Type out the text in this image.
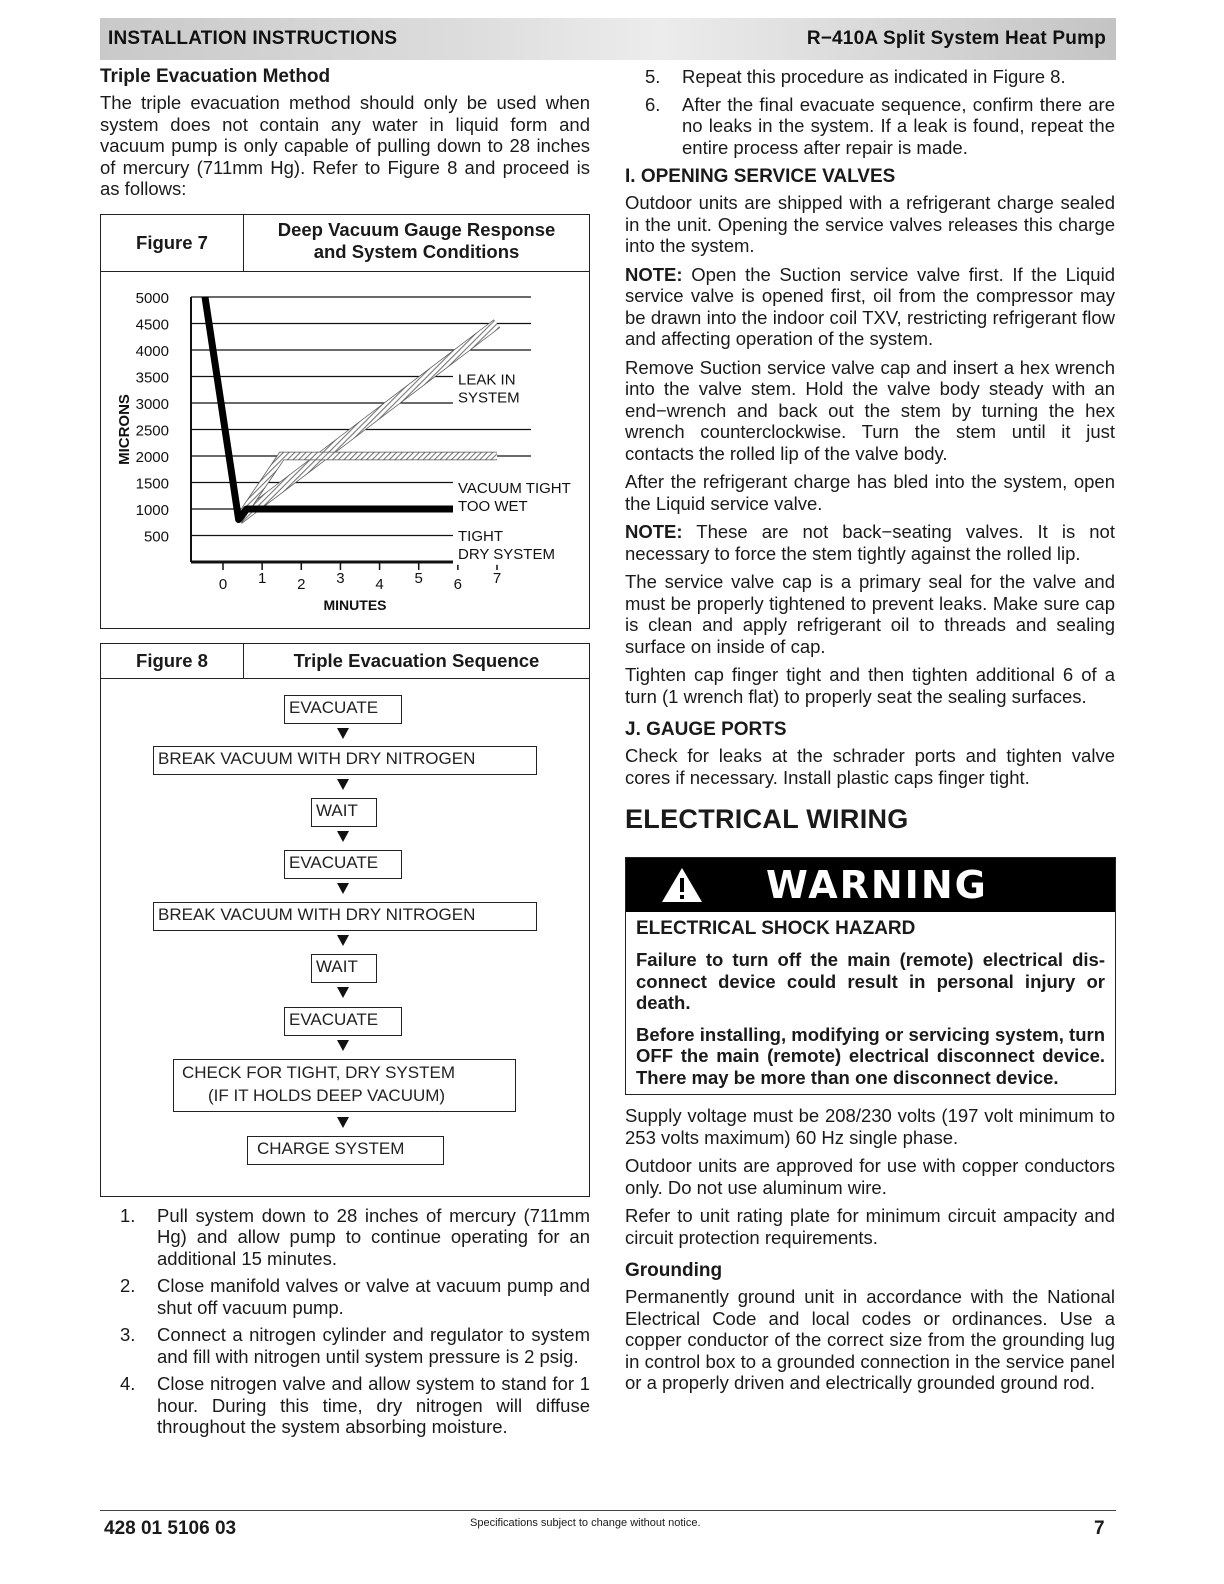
INSTALLATION INSTRUCTIONS	R−410A Split System Heat Pump
Triple Evacuation Method
The triple evacuation method should only be used when system does not contain any water in liquid form and vacuum pump is only capable of pulling down to 28 inches of mercury (711mm Hg). Refer to Figure 8 and proceed is as follows:
Figure 7
Deep Vacuum Gauge Response
and System Conditions
500
1000
1500
2000
2500
3000
3500
4000
4500
5000
0 1 2 3 4 5 6 7
MINUTES
MICRONS
LEAK IN
SYSTEM
VACUUM TIGHT
TOO WET
TIGHT
DRY SYSTEM
Figure 8	Triple Evacuation Sequence
EVACUATE
BREAK VACUUM WITH DRY NITROGEN
WAIT
EVACUATE
BREAK VACUUM WITH DRY NITROGEN
WAIT
EVACUATE
CHECK FOR TIGHT, DRY SYSTEM
(IF IT HOLDS DEEP VACUUM)
CHARGE SYSTEM
1. Pull system down to 28 inches of mercury (711mm Hg) and allow pump to continue operating for an additional 15 minutes.
2. Close manifold valves or valve at vacuum pump and shut off vacuum pump.
3. Connect a nitrogen cylinder and regulator to system and fill with nitrogen until system pressure is 2 psig.
4. Close nitrogen valve and allow system to stand for 1 hour. During this time, dry nitrogen will diffuse throughout the system absorbing moisture.
5. Repeat this procedure as indicated in Figure 8.
6. After the final evacuate sequence, confirm there are no leaks in the system. If a leak is found, repeat the entire process after repair is made.
I. OPENING SERVICE VALVES
Outdoor units are shipped with a refrigerant charge sealed in the unit. Opening the service valves releases this charge into the system.
NOTE: Open the Suction service valve first. If the Liquid service valve is opened first, oil from the compressor may be drawn into the indoor coil TXV, restricting refrigerant flow and affecting operation of the system.
Remove Suction service valve cap and insert a hex wrench into the valve stem. Hold the valve body steady with an end−wrench and back out the stem by turning the hex wrench counterclockwise. Turn the stem until it just contacts the rolled lip of the valve body.
After the refrigerant charge has bled into the system, open the Liquid service valve.
NOTE: These are not back−seating valves. It is not necessary to force the stem tightly against the rolled lip.
The service valve cap is a primary seal for the valve and must be properly tightened to prevent leaks. Make sure cap is clean and apply refrigerant oil to threads and sealing surface on inside of cap.
Tighten cap finger tight and then tighten additional 6 of a turn (1 wrench flat) to properly seat the sealing surfaces.
J. GAUGE PORTS
Check for leaks at the schrader ports and tighten valve cores if necessary. Install plastic caps finger tight.
ELECTRICAL WIRING
WARNING
ELECTRICAL SHOCK HAZARD
Failure to turn off the main (remote) electrical dis-connect device could result in personal injury or death.
Before installing, modifying or servicing system, turn OFF the main (remote) electrical disconnect device. There may be more than one disconnect device.
Supply voltage must be 208/230 volts (197 volt minimum to 253 volts maximum) 60 Hz single phase.
Outdoor units are approved for use with copper conductors only. Do not use aluminum wire.
Refer to unit rating plate for minimum circuit ampacity and circuit protection requirements.
Grounding
Permanently ground unit in accordance with the National Electrical Code and local codes or ordinances. Use a copper conductor of the correct size from the grounding lug in control box to a grounded connection in the service panel or a properly driven and electrically grounded ground rod.
428 01 5106 03	Specifications subject to change without notice.	7
